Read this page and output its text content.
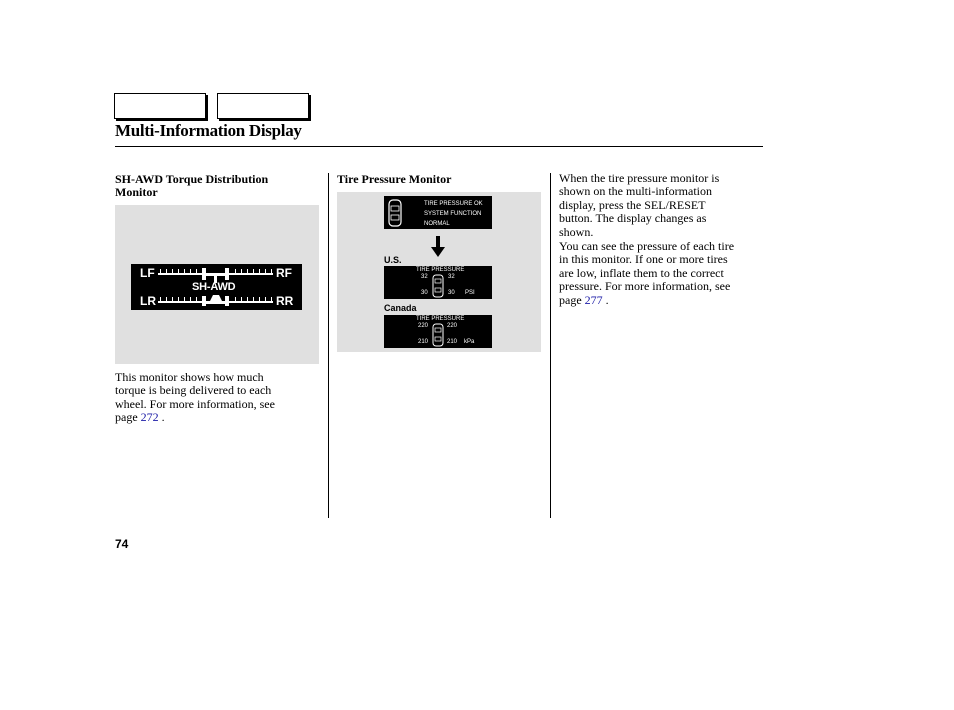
Multi-Information Display
SH-AWD Torque Distribution
Monitor
LF	RF
LR	RR
SH-AWD
This monitor shows how much
torque is being delivered to each
wheel. For more information, see
page 272 .
Tire Pressure Monitor
TIRE PRESSURE OK
SYSTEM FUNCTION
NORMAL
U.S.
TIRE PRESSURE
32	32
30	30 PSI
Canada
TIRE PRESSURE
220	220
210	210 kPa
When the tire pressure monitor is
shown on the multi-information
display, press the SEL/RESET
button. The display changes as
shown.
You can see the pressure of each tire
in this monitor. If one or more tires
are low, inflate them to the correct
pressure. For more information, see
page 277 .
74
